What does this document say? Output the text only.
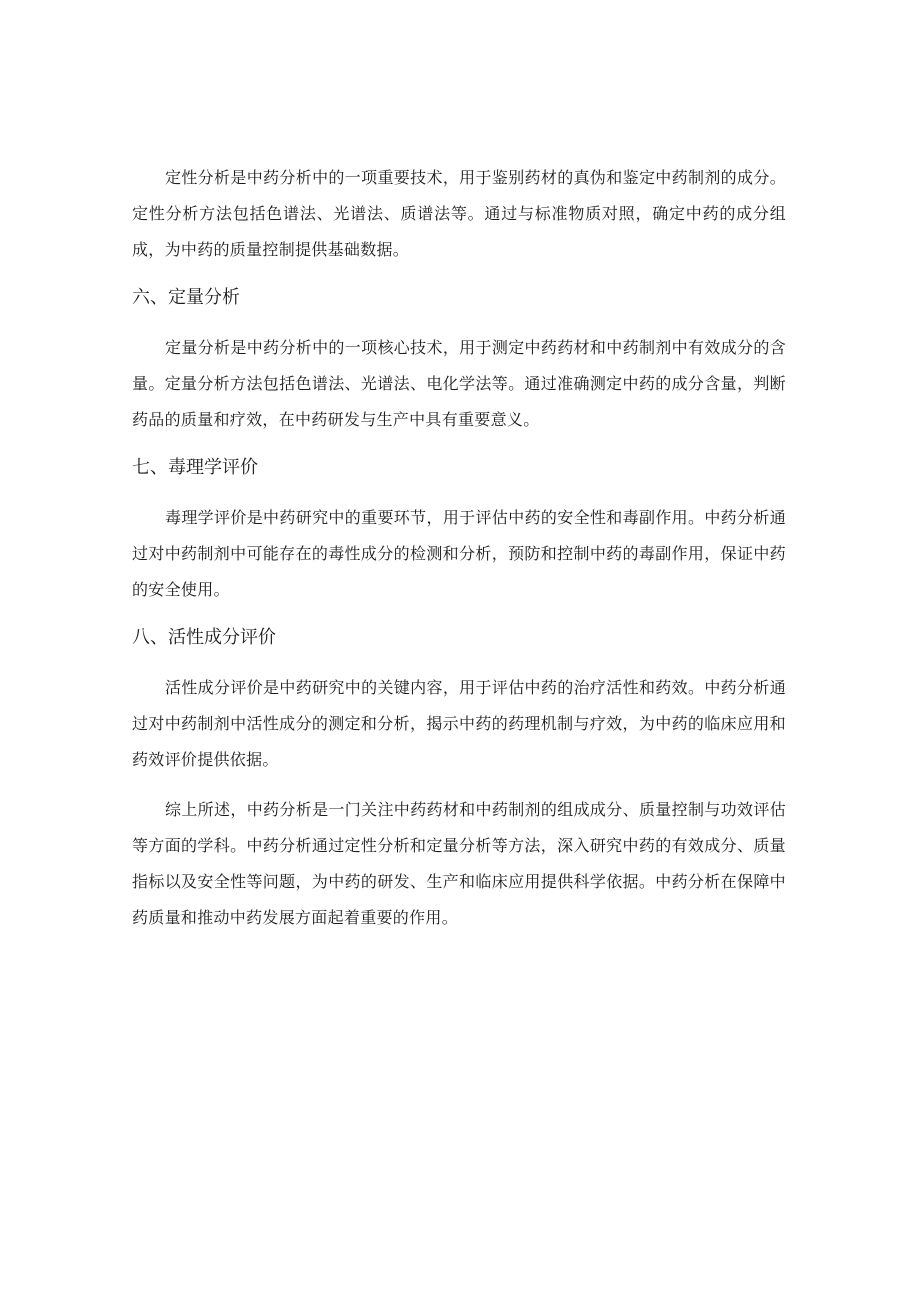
定性分析是中药分析中的一项重要技术，用于鉴别药材的真伪和鉴定中药制剂的成分。定性分析方法包括色谱法、光谱法、质谱法等。通过与标准物质对照，确定中药的成分组成，为中药的质量控制提供基础数据。

六、定量分析

定量分析是中药分析中的一项核心技术，用于测定中药药材和中药制剂中有效成分的含量。定量分析方法包括色谱法、光谱法、电化学法等。通过准确测定中药的成分含量，判断药品的质量和疗效，在中药研发与生产中具有重要意义。

七、毒理学评价

毒理学评价是中药研究中的重要环节，用于评估中药的安全性和毒副作用。中药分析通过对中药制剂中可能存在的毒性成分的检测和分析，预防和控制中药的毒副作用，保证中药的安全使用。

八、活性成分评价

活性成分评价是中药研究中的关键内容，用于评估中药的治疗活性和药效。中药分析通过对中药制剂中活性成分的测定和分析，揭示中药的药理机制与疗效，为中药的临床应用和药效评价提供依据。

综上所述，中药分析是一门关注中药药材和中药制剂的组成成分、质量控制与功效评估等方面的学科。中药分析通过定性分析和定量分析等方法，深入研究中药的有效成分、质量指标以及安全性等问题，为中药的研发、生产和临床应用提供科学依据。中药分析在保障中药质量和推动中药发展方面起着重要的作用。
